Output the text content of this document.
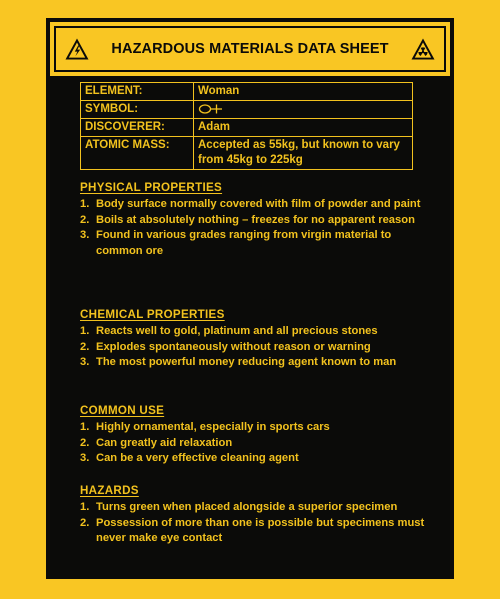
HAZARDOUS MATERIALS DATA SHEET
ELEMENT:	Woman
SYMBOL:	

DISCOVERER:	Adam
ATOMIC MASS:	Accepted as 55kg, but known to vary from 45kg to 225kg
PHYSICAL PROPERTIES
1. Body surface normally covered with film of powder and paint
2. Boils at absolutely nothing – freezes for no apparent reason
3. Found in various grades ranging from virgin material to common ore
CHEMICAL PROPERTIES
1. Reacts well to gold, platinum and all precious stones
2. Explodes spontaneously without reason or warning
3. The most powerful money reducing agent known to man
COMMON USE
1. Highly ornamental, especially in sports cars
2. Can greatly aid relaxation
3. Can be a very effective cleaning agent
HAZARDS
1. Turns green when placed alongside a superior specimen
2. Possession of more than one is possible but specimens must never make eye contact
